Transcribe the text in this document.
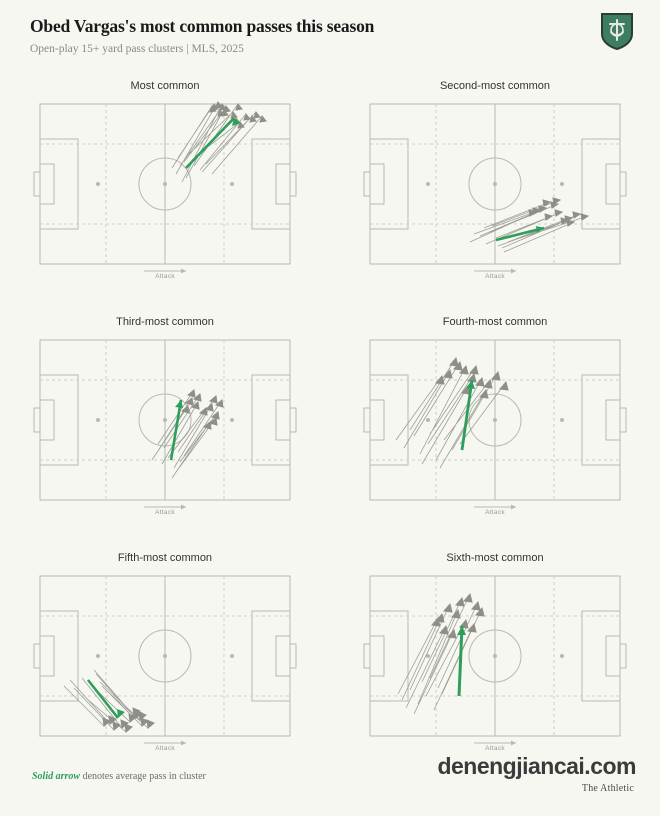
Obed Vargas's most common passes this season
Open-play 15+ yard pass clusters | MLS, 2025
Most common
Attack
Second-most common
Attack
Third-most common
Attack
Fourth-most common
Attack
Fifth-most common
Attack
Sixth-most common
Attack
Solid arrow denotes average pass in cluster	denengjiancai.com
The Athletic
